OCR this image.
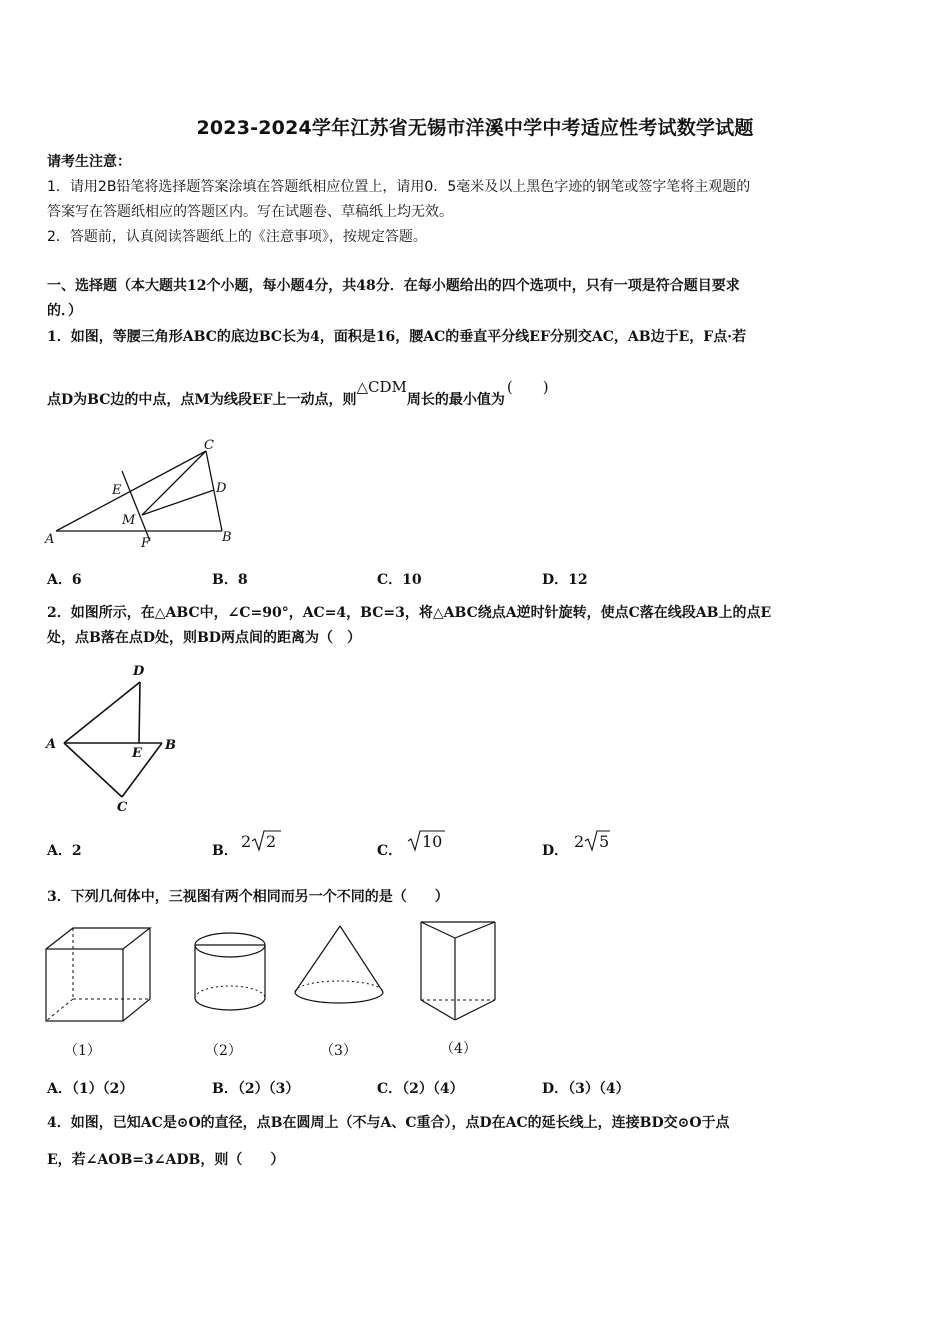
2023-2024学年江苏省无锡市洋溪中学中考适应性考试数学试题
请考生注意：
1．请用2B铅笔将选择题答案涂填在答题纸相应位置上，请用0．5毫米及以上黑色字迹的钢笔或签字笔将主观题的
答案写在答题纸相应的答题区内。写在试题卷、草稿纸上均无效。
2．答题前，认真阅读答题纸上的《注意事项》，按规定答题。
一、选择题（本大题共12个小题，每小题4分，共48分．在每小题给出的四个选项中，只有一项是符合题目要求
的．）
1．如图，等腰三角形ABC的底边BC长为4，面积是16，腰AC的垂直平分线EF分别交AC，AB边于E，F点·若
点D为BC边的中点，点M为线段EF上一动点，则△CDM周长的最小值为(　　)
C
D
E
M
A	F	B
A．6	B．8	C．10	D．12
2．如图所示，在△ABC中，∠C=90°，AC=4，BC=3，将△ABC绕点A逆时针旋转，使点C落在线段AB上的点E
处，点B落在点D处，则BD两点间的距离为（　）
D
A
E
B
C
A．2	B． 2 2	C． 10	D． 2 5
3．下列几何体中，三视图有两个相同而另一个不同的是（　　）
（1）	（2）	（3）	（4）
A．（1）（2）	B．（2）（3）	C．（2）（4）	D．（3）（4）
4．如图，已知AC是⊙O的直径，点B在圆周上（不与A、C重合），点D在AC的延长线上，连接BD交⊙O于点
E，若∠AOB=3∠ADB，则（　　）
